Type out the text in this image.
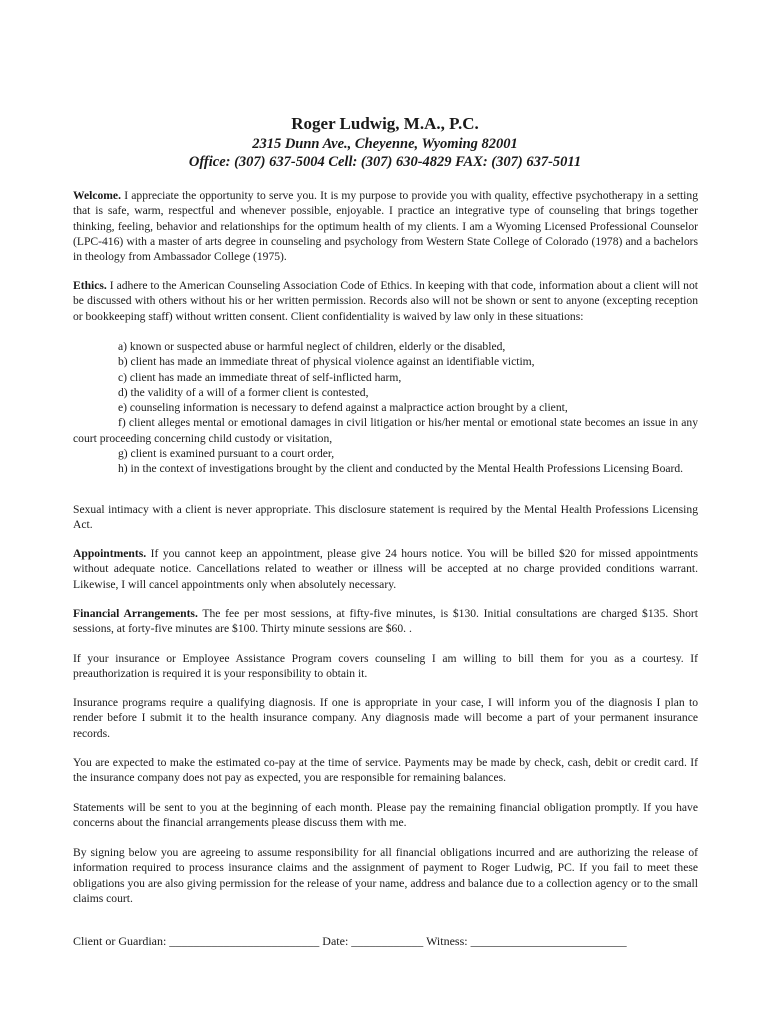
Roger Ludwig, M.A., P.C.
2315 Dunn Ave., Cheyenne, Wyoming 82001
Office: (307) 637-5004 Cell: (307) 630-4829 FAX: (307) 637-5011

Welcome. I appreciate the opportunity to serve you. It is my purpose to provide you with quality, effective psychotherapy in a setting that is safe, warm, respectful and whenever possible, enjoyable. I practice an integrative type of counseling that brings together thinking, feeling, behavior and relationships for the optimum health of my clients. I am a Wyoming Licensed Professional Counselor (LPC-416) with a master of arts degree in counseling and psychology from Western State College of Colorado (1978) and a bachelors in theology from Ambassador College (1975).

Ethics. I adhere to the American Counseling Association Code of Ethics. In keeping with that code, information about a client will not be discussed with others without his or her written permission. Records also will not be shown or sent to anyone (excepting reception or bookkeeping staff) without written consent. Client confidentiality is waived by law only in these situations:

a) known or suspected abuse or harmful neglect of children, elderly or the disabled,
b) client has made an immediate threat of physical violence against an identifiable victim,
c) client has made an immediate threat of self-inflicted harm,
d) the validity of a will of a former client is contested,
e) counseling information is necessary to defend against a malpractice action brought by a client,
f) client alleges mental or emotional damages in civil litigation or his/her mental or emotional state becomes an issue in any court proceeding concerning child custody or visitation,
g) client is examined pursuant to a court order,
h) in the context of investigations brought by the client and conducted by the Mental Health Professions Licensing Board.

Sexual intimacy with a client is never appropriate. This disclosure statement is required by the Mental Health Professions Licensing Act.

Appointments. If you cannot keep an appointment, please give 24 hours notice. You will be billed $20 for missed appointments without adequate notice. Cancellations related to weather or illness will be accepted at no charge provided conditions warrant. Likewise, I will cancel appointments only when absolutely necessary.

Financial Arrangements. The fee per most sessions, at fifty-five minutes, is $130. Initial consultations are charged $135. Short sessions, at forty-five minutes are $100. Thirty minute sessions are $60. .

If your insurance or Employee Assistance Program covers counseling I am willing to bill them for you as a courtesy. If preauthorization is required it is your responsibility to obtain it.

Insurance programs require a qualifying diagnosis. If one is appropriate in your case, I will inform you of the diagnosis I plan to render before I submit it to the health insurance company. Any diagnosis made will become a part of your permanent insurance records.

You are expected to make the estimated co-pay at the time of service. Payments may be made by check, cash, debit or credit card. If the insurance company does not pay as expected, you are responsible for remaining balances.

Statements will be sent to you at the beginning of each month. Please pay the remaining financial obligation promptly. If you have concerns about the financial arrangements please discuss them with me.

By signing below you are agreeing to assume responsibility for all financial obligations incurred and are authorizing the release of information required to process insurance claims and the assignment of payment to Roger Ludwig, PC. If you fail to meet these obligations you are also giving permission for the release of your name, address and balance due to a collection agency or to the small claims court.

Client or Guardian: _________________________ Date: ____________ Witness: __________________________
